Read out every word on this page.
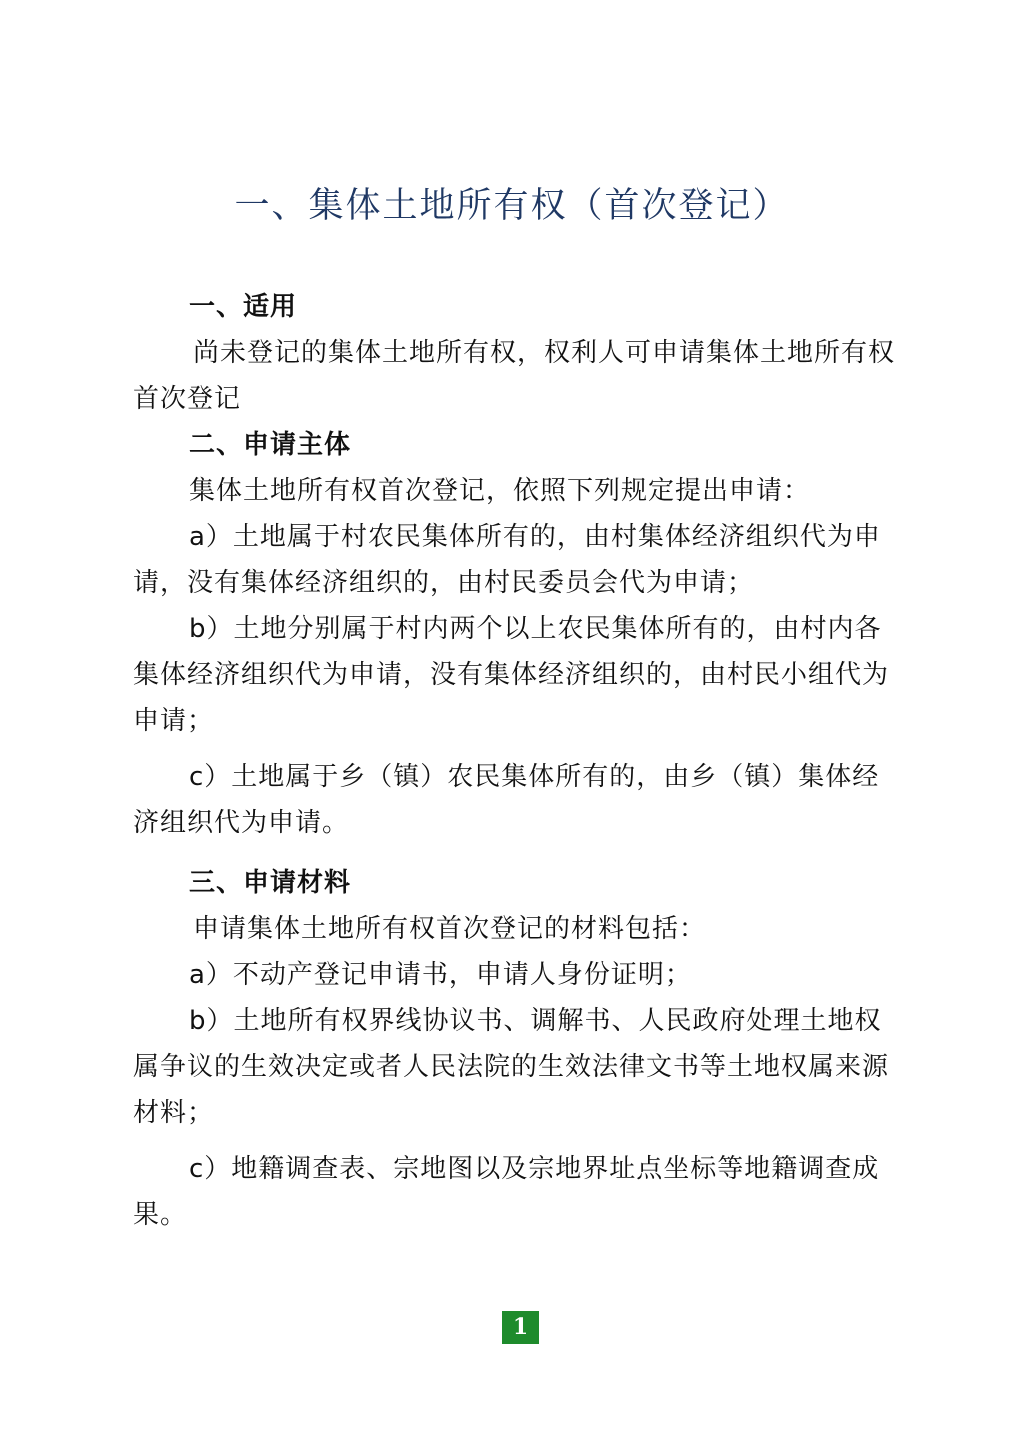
一、集体土地所有权（首次登记）

一、适用

尚未登记的集体土地所有权，权利人可申请集体土地所有权首次登记

二、申请主体

集体土地所有权首次登记，依照下列规定提出申请：

a）土地属于村农民集体所有的，由村集体经济组织代为申请，没有集体经济组织的，由村民委员会代为申请；

b）土地分别属于村内两个以上农民集体所有的，由村内各集体经济组织代为申请，没有集体经济组织的，由村民小组代为申请；

c）土地属于乡（镇）农民集体所有的，由乡（镇）集体经济组织代为申请。

三、申请材料

申请集体土地所有权首次登记的材料包括：

a）不动产登记申请书，申请人身份证明；

b）土地所有权界线协议书、调解书、人民政府处理土地权属争议的生效决定或者人民法院的生效法律文书等土地权属来源材料；

c）地籍调查表、宗地图以及宗地界址点坐标等地籍调查成果。

1
